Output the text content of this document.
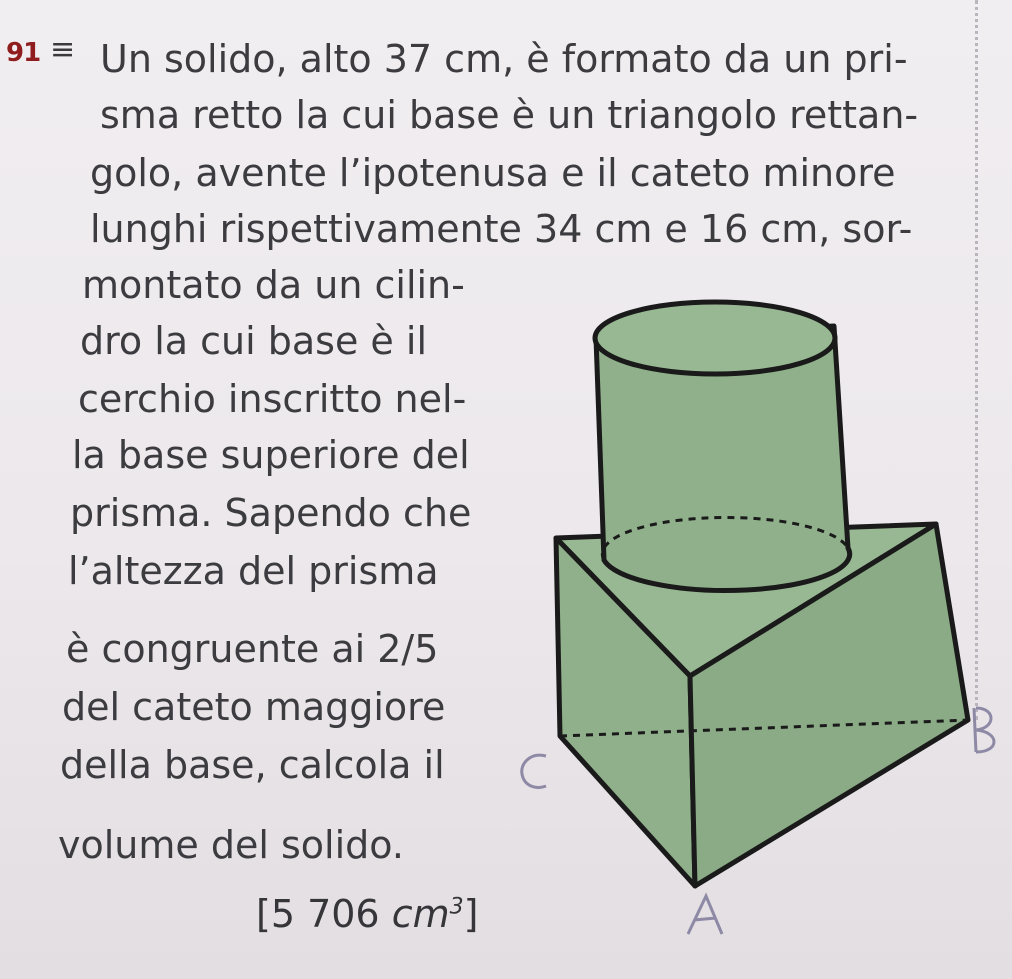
91 ≡ Un solido, alto 37 cm, è formato da un pri-
sma retto la cui base è un triangolo rettan-
golo, avente l’ipotenusa e il cateto minore
lunghi rispettivamente 34 cm e 16 cm, sor-
montato da un cilin-
dro la cui base è il
cerchio inscritto nel-
la base superiore del
prisma. Sapendo che
l’altezza del prisma
è congruente ai 2/5
del cateto maggiore
della base, calcola il
volume del solido.
[5 706 $cm^3$]
